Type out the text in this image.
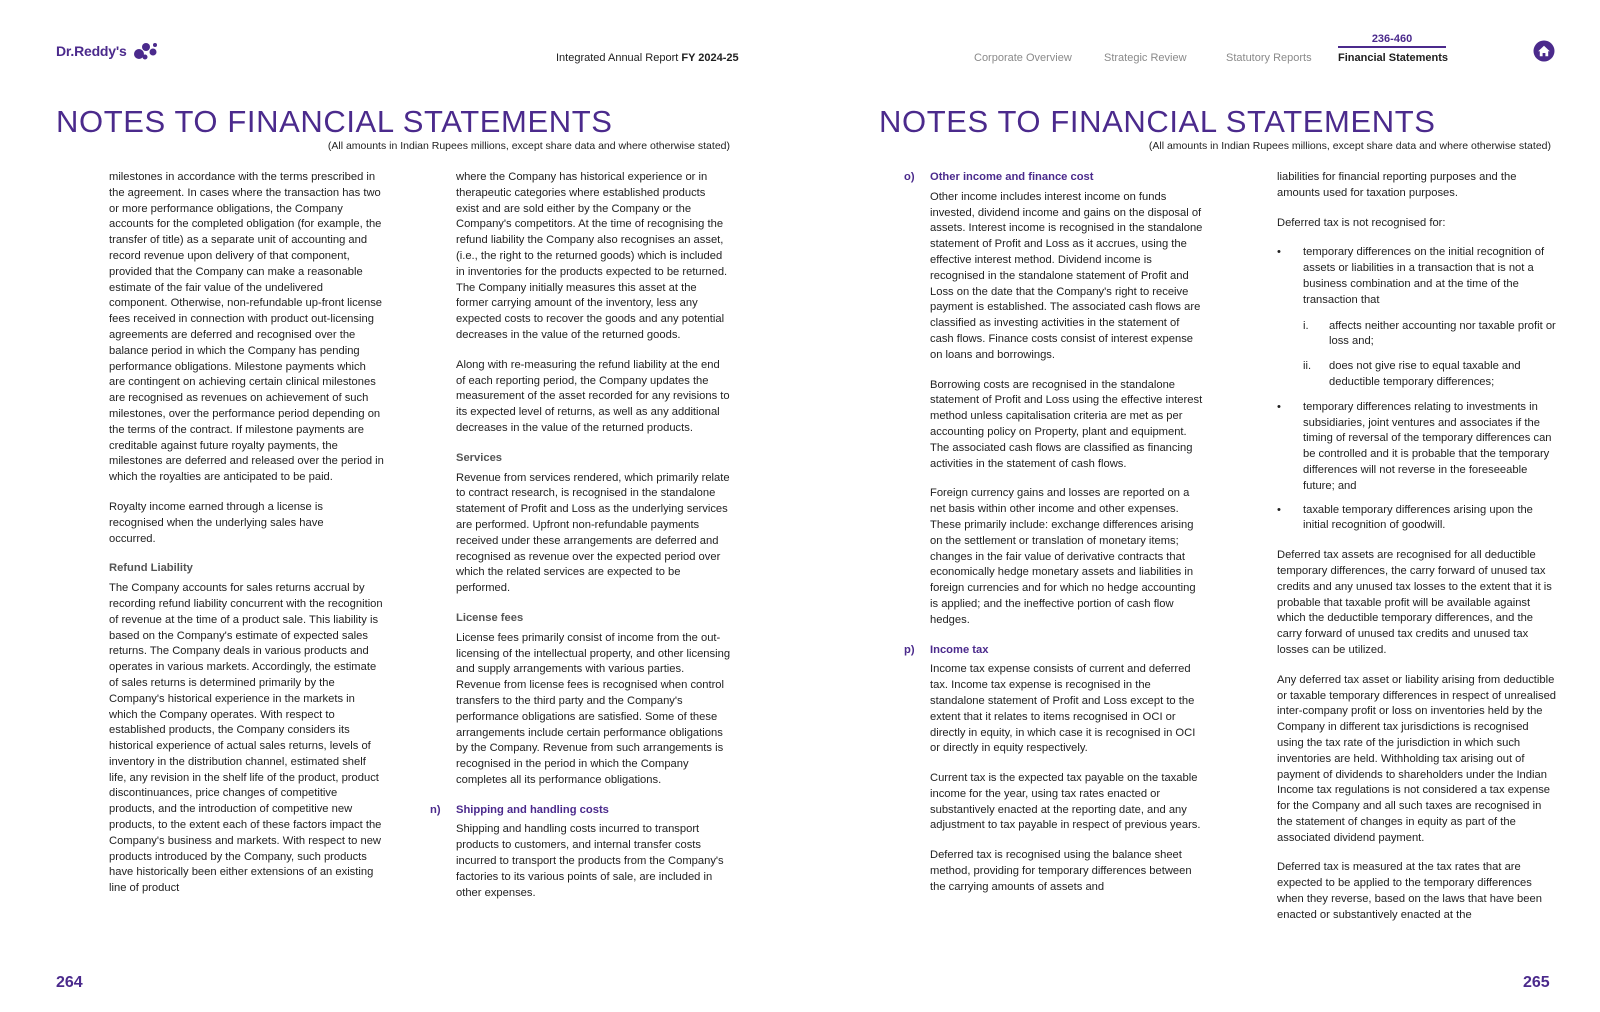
Dr.Reddy's	Integrated Annual Report FY 2024-25	Corporate Overview	Strategic Review	Statutory Reports
236-460
Financial Statements
NOTES TO FINANCIAL STATEMENTS
(All amounts in Indian Rupees millions, except share data and where otherwise stated)
NOTES TO FINANCIAL STATEMENTS
(All amounts in Indian Rupees millions, except share data and where otherwise stated)

milestones in accordance with the terms prescribed in the agreement. In cases where the transaction has two or more performance obligations, the Company accounts for the completed obligation (for example, the transfer of title) as a separate unit of accounting and record revenue upon delivery of that component, provided that the Company can make a reasonable estimate of the fair value of the undelivered component. Otherwise, non-refundable up-front license fees received in connection with product out-licensing agreements are deferred and recognised over the balance period in which the Company has pending performance obligations. Milestone payments which are contingent on achieving certain clinical milestones are recognised as revenues on achievement of such milestones, over the performance period depending on the terms of the contract. If milestone payments are creditable against future royalty payments, the milestones are deferred and released over the period in which the royalties are anticipated to be paid.

Royalty income earned through a license is recognised when the underlying sales have occurred.

Refund Liability

The Company accounts for sales returns accrual by recording refund liability concurrent with the recognition of revenue at the time of a product sale. This liability is based on the Company's estimate of expected sales returns. The Company deals in various products and operates in various markets. Accordingly, the estimate of sales returns is determined primarily by the Company's historical experience in the markets in which the Company operates. With respect to established products, the Company considers its historical experience of actual sales returns, levels of inventory in the distribution channel, estimated shelf life, any revision in the shelf life of the product, product discontinuances, price changes of competitive products, and the introduction of competitive new products, to the extent each of these factors impact the Company's business and markets. With respect to new products introduced by the Company, such products have historically been either extensions of an existing line of product

where the Company has historical experience or in therapeutic categories where established products exist and are sold either by the Company or the Company's competitors. At the time of recognising the refund liability the Company also recognises an asset, (i.e., the right to the returned goods) which is included in inventories for the products expected to be returned. The Company initially measures this asset at the former carrying amount of the inventory, less any expected costs to recover the goods and any potential decreases in the value of the returned goods.

Along with re-measuring the refund liability at the end of each reporting period, the Company updates the measurement of the asset recorded for any revisions to its expected level of returns, as well as any additional decreases in the value of the returned products.

Services

Revenue from services rendered, which primarily relate to contract research, is recognised in the standalone statement of Profit and Loss as the underlying services are performed. Upfront non-refundable payments received under these arrangements are deferred and recognised as revenue over the expected period over which the related services are expected to be performed.

License fees

License fees primarily consist of income from the out-licensing of the intellectual property, and other licensing and supply arrangements with various parties. Revenue from license fees is recognised when control transfers to the third party and the Company's performance obligations are satisfied. Some of these arrangements include certain performance obligations by the Company. Revenue from such arrangements is recognised in the period in which the Company completes all its performance obligations.

n) Shipping and handling costs

Shipping and handling costs incurred to transport products to customers, and internal transfer costs incurred to transport the products from the Company's factories to its various points of sale, are included in other expenses.

o) Other income and finance cost

Other income includes interest income on funds invested, dividend income and gains on the disposal of assets. Interest income is recognised in the standalone statement of Profit and Loss as it accrues, using the effective interest method. Dividend income is recognised in the standalone statement of Profit and Loss on the date that the Company's right to receive payment is established. The associated cash flows are classified as investing activities in the statement of cash flows. Finance costs consist of interest expense on loans and borrowings.

Borrowing costs are recognised in the standalone statement of Profit and Loss using the effective interest method unless capitalisation criteria are met as per accounting policy on Property, plant and equipment. The associated cash flows are classified as financing activities in the statement of cash flows.

Foreign currency gains and losses are reported on a net basis within other income and other expenses. These primarily include: exchange differences arising on the settlement or translation of monetary items; changes in the fair value of derivative contracts that economically hedge monetary assets and liabilities in foreign currencies and for which no hedge accounting is applied; and the ineffective portion of cash flow hedges.

p) Income tax

Income tax expense consists of current and deferred tax. Income tax expense is recognised in the standalone statement of Profit and Loss except to the extent that it relates to items recognised in OCI or directly in equity, in which case it is recognised in OCI or directly in equity respectively.

Current tax is the expected tax payable on the taxable income for the year, using tax rates enacted or substantively enacted at the reporting date, and any adjustment to tax payable in respect of previous years.

Deferred tax is recognised using the balance sheet method, providing for temporary differences between the carrying amounts of assets and

liabilities for financial reporting purposes and the amounts used for taxation purposes.

Deferred tax is not recognised for:

• temporary differences on the initial recognition of assets or liabilities in a transaction that is not a business combination and at the time of the transaction that
i. affects neither accounting nor taxable profit or loss and;
ii. does not give rise to equal taxable and deductible temporary differences;
• temporary differences relating to investments in subsidiaries, joint ventures and associates if the timing of reversal of the temporary differences can be controlled and it is probable that the temporary differences will not reverse in the foreseeable future; and
• taxable temporary differences arising upon the initial recognition of goodwill.

Deferred tax assets are recognised for all deductible temporary differences, the carry forward of unused tax credits and any unused tax losses to the extent that it is probable that taxable profit will be available against which the deductible temporary differences, and the carry forward of unused tax credits and unused tax losses can be utilized.

Any deferred tax asset or liability arising from deductible or taxable temporary differences in respect of unrealised inter-company profit or loss on inventories held by the Company in different tax jurisdictions is recognised using the tax rate of the jurisdiction in which such inventories are held. Withholding tax arising out of payment of dividends to shareholders under the Indian Income tax regulations is not considered a tax expense for the Company and all such taxes are recognised in the statement of changes in equity as part of the associated dividend payment.

Deferred tax is measured at the tax rates that are expected to be applied to the temporary differences when they reverse, based on the laws that have been enacted or substantively enacted at the

264	265
